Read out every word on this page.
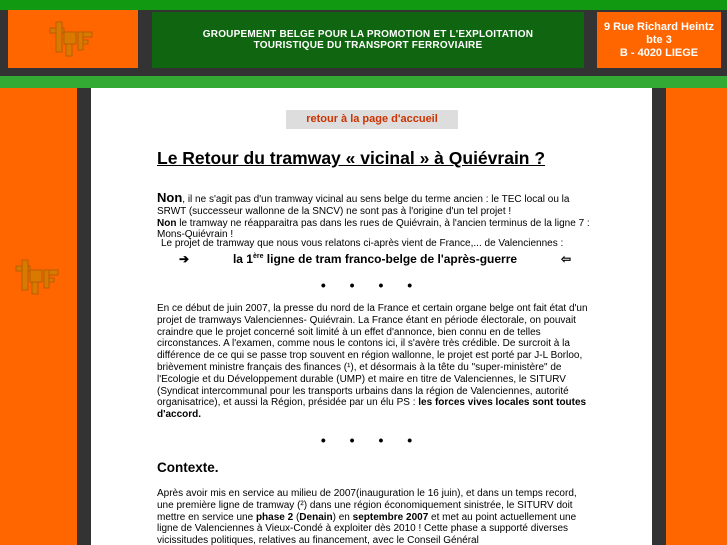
GROUPEMENT BELGE POUR LA PROMOTION ET L'EXPLOITATION
TOURISTIQUE DU TRANSPORT FERROVIAIRE
9 Rue Richard Heintz
bte 3
B - 4020 LIEGE
retour à la page d'accueil
Le Retour du tramway « vicinal » à Quiévrain ?
Non, il ne s'agit pas d'un tramway vicinal au sens belge du terme ancien : le TEC local ou la SRWT (successeur wallonne de la SNCV) ne sont pas à l'origine d'un tel projet !
Non le tramway ne réapparaitra pas dans les rues de Quiévrain, à l'ancien terminus de la ligne 7 : Mons-Quiévrain !
Le projet de tramway que nous vous relatons ci-après vient de France,... de Valenciennes :
➔	la 1ère ligne de tram franco-belge de l'après-guerre	⇦
• • • •
En ce début de juin 2007, la presse du nord de la France et certain organe belge ont fait état d'un projet de tramways Valenciennes- Quiévrain. La France étant en période électorale, on pouvait craindre que le projet concerné soit limité à un effet d'annonce, bien connu en de telles circonstances. A l'examen, comme nous le contons ici, il s'avère très crédible. De surcroit à la différence de ce qui se passe trop souvent en région wallonne, le projet est porté par J-L Borloo, brièvement ministre français des finances (¹), et désormais à la tête du "super-ministère" de l'Ecologie et du Développement durable (UMP) et maire en titre de Valenciennes, le SITURV (Syndicat intercommunal pour les transports urbains dans la région de Valenciennes, autorité organisatrice), et aussi la Région, présidée par un élu PS : les forces vives locales sont toutes d'accord.
• • • •
Contexte.
Après avoir mis en service au milieu de 2007(inauguration le 16 juin), et dans un temps record, une première ligne de tramway (²) dans une région économiquement sinistrée, le SITURV doit mettre en service une phase 2 (Denain) en septembre 2007 et met au point actuellement une ligne de Valenciennes à Vieux-Condé à exploiter dès 2010 ! Cette phase a supporté diverses vicissitudes politiques, relatives au financement, avec le Conseil Général
